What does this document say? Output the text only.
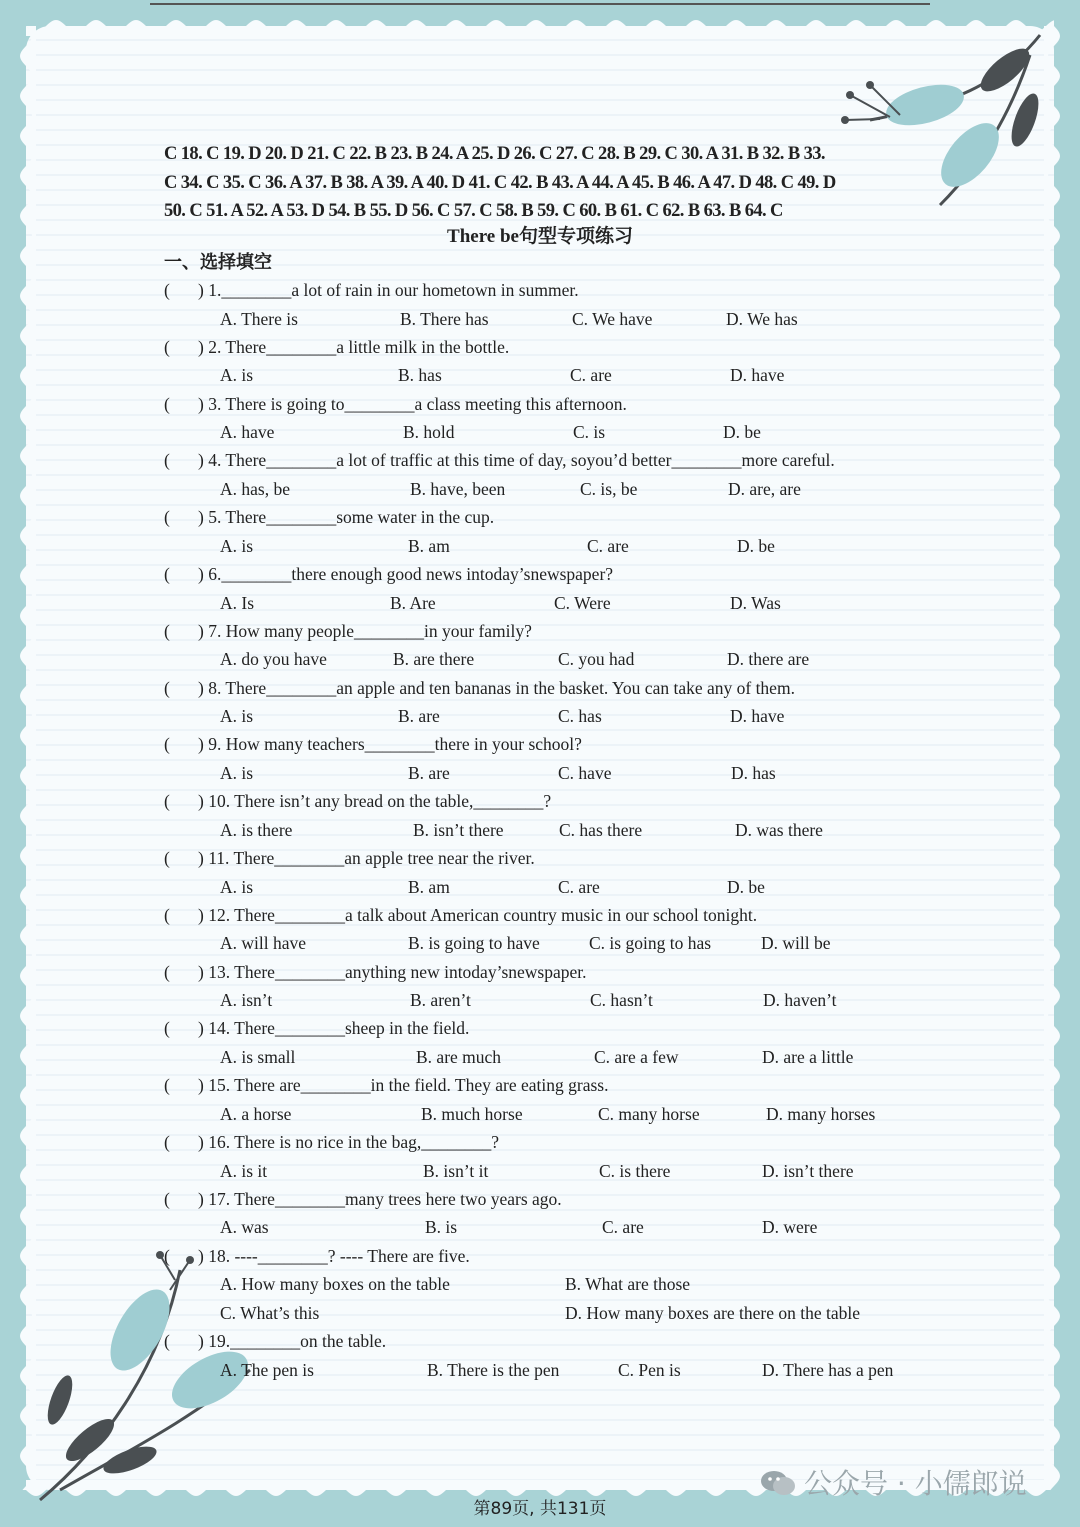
C 18. C 19. D 20. D 21. C 22. B 23. B 24. A 25. D 26. C 27. C 28. B 29. C 30. A 31. B 32. B 33.
C 34. C 35. C 36. A 37. B 38. A 39. A 40. D 41. C 42. B 43. A 44. A 45. B 46. A 47. D 48. C 49. D
50. C 51. A 52. A 53. D 54. B 55. D 56. C 57. C 58. B 59. C 60. B 61. C 62. B 63. B 64. C
There be句型专项练习
一、选择填空
( ) 1.________a lot of rain in our hometown in summer.
A. There is	B. There has	C. We have	D. We has
( ) 2. There________a little milk in the bottle.
A. is	B. has	C. are	D. have
( ) 3. There is going to________a class meeting this afternoon.
A. have	B. hold	C. is	D. be
( ) 4. There________a lot of traffic at this time of day, soyou’d better________more careful.
A. has, be	B. have, been	C. is, be	D. are, are
( ) 5. There________some water in the cup.
A. is	B. am	C. are	D. be
( ) 6.________there enough good news intoday’snewspaper?
A. Is	B. Are	C. Were	D. Was
( ) 7. How many people________in your family?
A. do you have	B. are there	C. you had	D. there are
( ) 8. There________an apple and ten bananas in the basket. You can take any of them.
A. is	B. are	C. has	D. have
( ) 9. How many teachers________there in your school?
A. is	B. are	C. have	D. has
( ) 10. There isn’t any bread on the table,________?
A. is there	B. isn’t there	C. has there	D. was there
( ) 11. There________an apple tree near the river.
A. is	B. am	C. are	D. be
( ) 12. There________a talk about American country music in our school tonight.
A. will have	B. is going to have	C. is going to has	D. will be
( ) 13. There________anything new intoday’snewspaper.
A. isn’t	B. aren’t	C. hasn’t	D. haven’t
( ) 14. There________sheep in the field.
A. is small	B. are much	C. are a few	D. are a little
( ) 15. There are________in the field. They are eating grass.
A. a horse	B. much horse	C. many horse	D. many horses
( ) 16. There is no rice in the bag,________?
A. is it	B. isn’t it	C. is there	D. isn’t there
( ) 17. There________many trees here two years ago.
A. was	B. is	C. are	D. were
( ) 18. ----________? ---- There are five.
A. How many boxes on the table	B. What are those
C. What’s this	D. How many boxes are there on the table
( ) 19.________on the table.
A. The pen is	B. There is the pen	C. Pen is	D. There has a pen
第89页, 共131页
公众号 · 小儒郎说
